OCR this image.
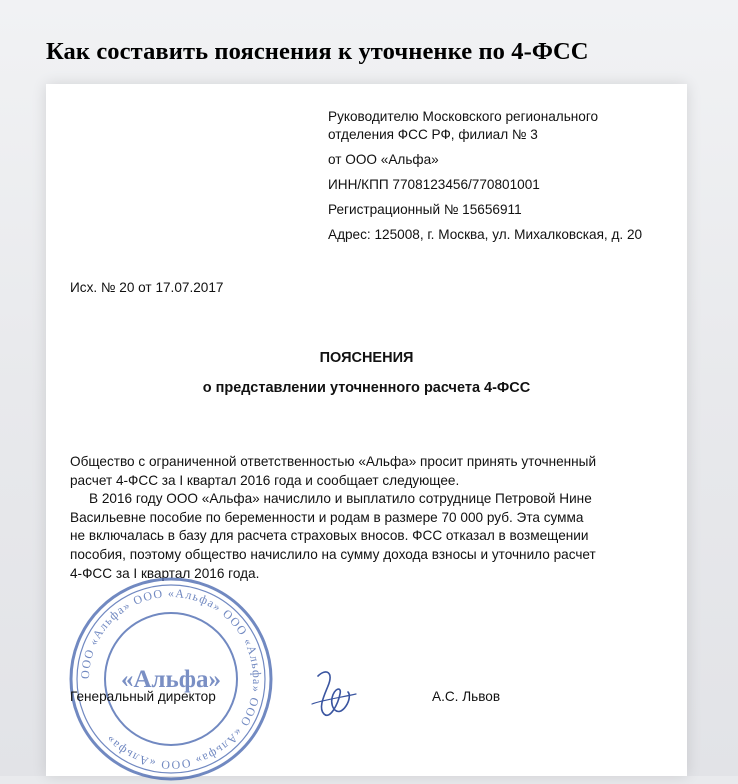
Как составить пояснения к уточненке по 4-ФСС
Руководителю Московского регионального
отделения ФСС РФ, филиал № 3
от ООО «Альфа»
ИНН/КПП 7708123456/770801001
Регистрационный № 15656911
Адрес: 125008, г. Москва, ул. Михалковская, д. 20
Исх. № 20 от 17.07.2017
ПОЯСНЕНИЯ
о представлении уточненного расчета 4-ФСС
Общество с ограниченной ответственностью «Альфа» просит принять уточненный
расчет 4-ФСС за I квартал 2016 года и сообщает следующее.
В 2016 году ООО «Альфа» начислило и выплатило сотруднице Петровой Нине
Васильевне пособие по беременности и родам в размере 70 000 руб. Эта сумма
не включалась в базу для расчета страховых вносов. ФСС отказал в возмещении
пособия, поэтому общество начислило на сумму дохода взносы и уточнило расчет
4-ФСС за I квартал 2016 года.
ООО «Альфа» ООО «Альфа» ООО «Альфа» ООО «Альфа» ООО «Альфа»
«Альфа»
Генеральный директор	А.С. Львов
